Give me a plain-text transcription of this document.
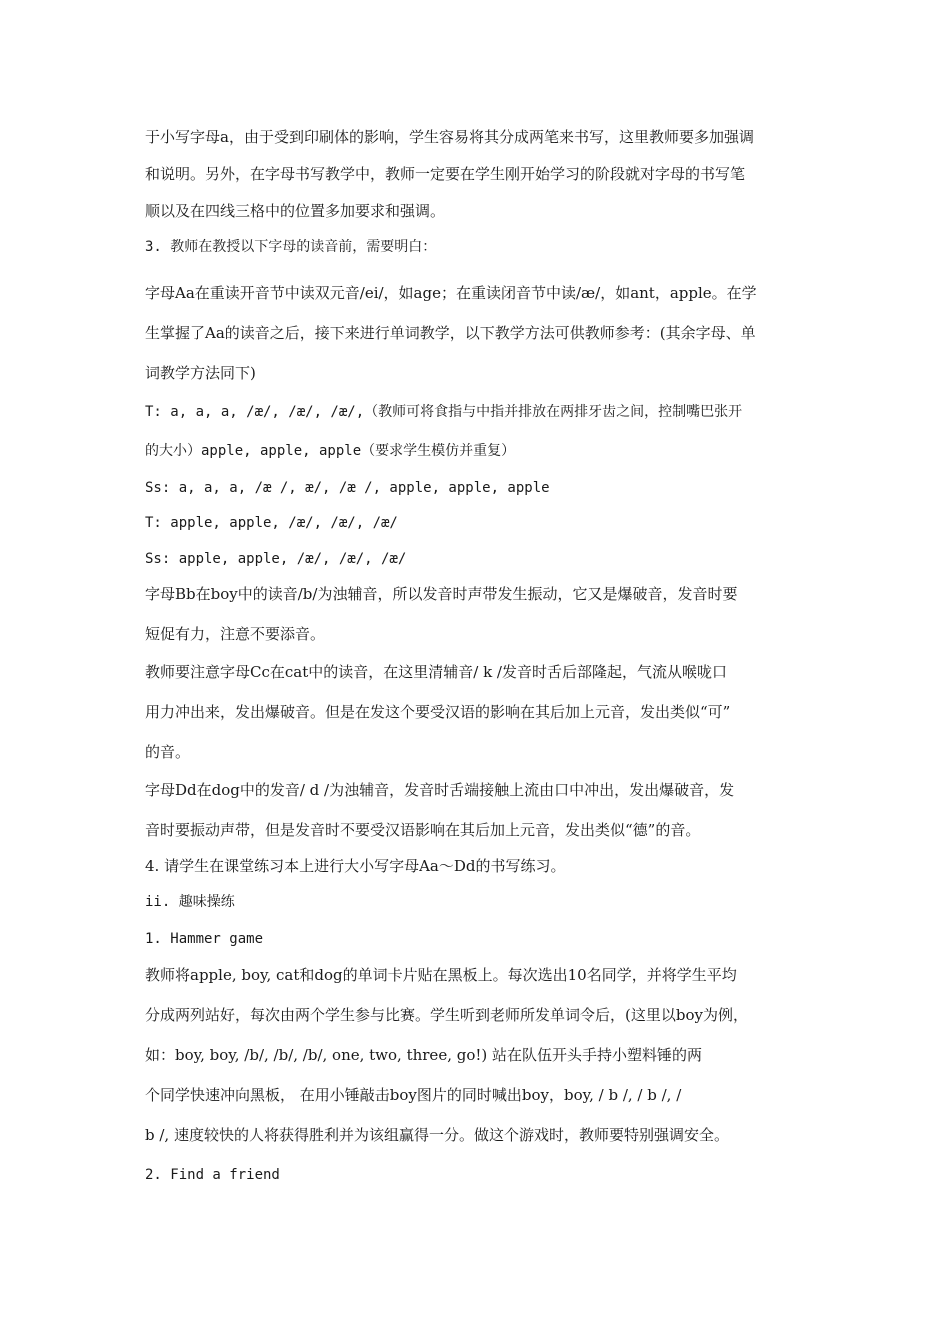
于小写字母a，由于受到印刷体的影响，学生容易将其分成两笔来书写，这里教师要多加强调
和说明。另外，在字母书写教学中，教师一定要在学生刚开始学习的阶段就对字母的书写笔
顺以及在四线三格中的位置多加要求和强调。
3. 教师在教授以下字母的读音前，需要明白：
字母Aa在重读开音节中读双元音/ei/，如age；在重读闭音节中读/æ/，如ant，apple。在学
生掌握了Aa的读音之后，接下来进行单词教学，以下教学方法可供教师参考：(其余字母、单
词教学方法同下)
T: a, a, a, /æ/, /æ/, /æ/,（教师可将食指与中指并排放在两排牙齿之间，控制嘴巴张开
的大小）apple, apple, apple（要求学生模仿并重复）
Ss: a, a, a, /æ /, æ/, /æ /, apple, apple, apple
T: apple, apple, /æ/, /æ/, /æ/
Ss: apple, apple, /æ/, /æ/, /æ/
字母Bb在boy中的读音/b/为浊辅音，所以发音时声带发生振动，它又是爆破音，发音时要
短促有力，注意不要添音。
教师要注意字母Cc在cat中的读音，在这里清辅音/ k /发音时舌后部隆起，气流从喉咙口
用力冲出来，发出爆破音。但是在发这个要受汉语的影响在其后加上元音，发出类似“可”
的音。
字母Dd在dog中的发音/ d /为浊辅音，发音时舌端接触上流由口中冲出，发出爆破音，发
音时要振动声带，但是发音时不要受汉语影响在其后加上元音，发出类似“德”的音。
4. 请学生在课堂练习本上进行大小写字母Aa～Dd的书写练习。
ii. 趣味操练
1. Hammer game
教师将apple, boy, cat和dog的单词卡片贴在黑板上。每次选出10名同学，并将学生平均
分成两列站好，每次由两个学生参与比赛。学生听到老师所发单词令后，(这里以boy为例，
如：boy, boy, /b/, /b/, /b/, one, two, three, go!) 站在队伍开头手持小塑料锤的两
个同学快速冲向黑板， 在用小锤敲击boy图片的同时喊出boy，boy, / b /, / b /, /
b /, 速度较快的人将获得胜利并为该组赢得一分。做这个游戏时，教师要特别强调安全。
2. Find a friend
